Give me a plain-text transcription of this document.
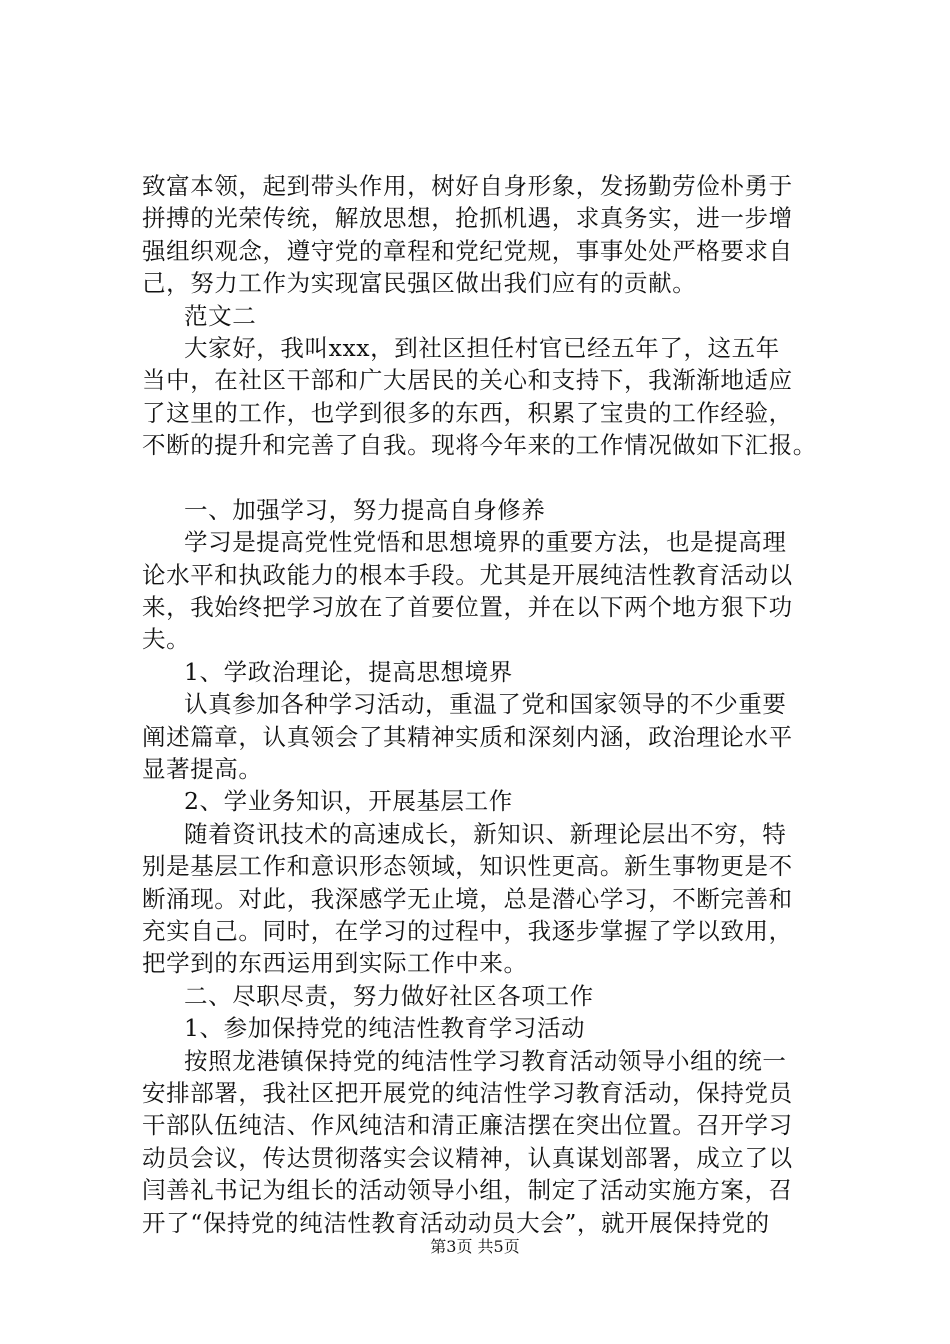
致富本领，起到带头作用，树好自身形象，发扬勤劳俭朴勇于
拼搏的光荣传统，解放思想，抢抓机遇，求真务实，进一步增
强组织观念，遵守党的章程和党纪党规，事事处处严格要求自
己，努力工作为实现富民强区做出我们应有的贡献。
范文二
大家好，我叫xxx，到社区担任村官已经五年了，这五年
当中，在社区干部和广大居民的关心和支持下，我渐渐地适应
了这里的工作，也学到很多的东西，积累了宝贵的工作经验，
不断的提升和完善了自我。现将今年来的工作情况做如下汇报。
一、加强学习，努力提高自身修养
学习是提高党性党悟和思想境界的重要方法，也是提高理
论水平和执政能力的根本手段。尤其是开展纯洁性教育活动以
来，我始终把学习放在了首要位置，并在以下两个地方狠下功
夫。
1、学政治理论，提高思想境界
认真参加各种学习活动，重温了党和国家领导的不少重要
阐述篇章，认真领会了其精神实质和深刻内涵，政治理论水平
显著提高。
2、学业务知识，开展基层工作
随着资讯技术的高速成长，新知识、新理论层出不穷，特
别是基层工作和意识形态领域，知识性更高。新生事物更是不
断涌现。对此，我深感学无止境，总是潜心学习，不断完善和
充实自己。同时，在学习的过程中，我逐步掌握了学以致用，
把学到的东西运用到实际工作中来。
二、尽职尽责，努力做好社区各项工作
1、参加保持党的纯洁性教育学习活动
按照龙港镇保持党的纯洁性学习教育活动领导小组的统一
安排部署，我社区把开展党的纯洁性学习教育活动，保持党员
干部队伍纯洁、作风纯洁和清正廉洁摆在突出位置。召开学习
动员会议，传达贯彻落实会议精神，认真谋划部署，成立了以
闫善礼书记为组长的活动领导小组，制定了活动实施方案，召
开了“保持党的纯洁性教育活动动员大会”，就开展保持党的
第3页 共5页
